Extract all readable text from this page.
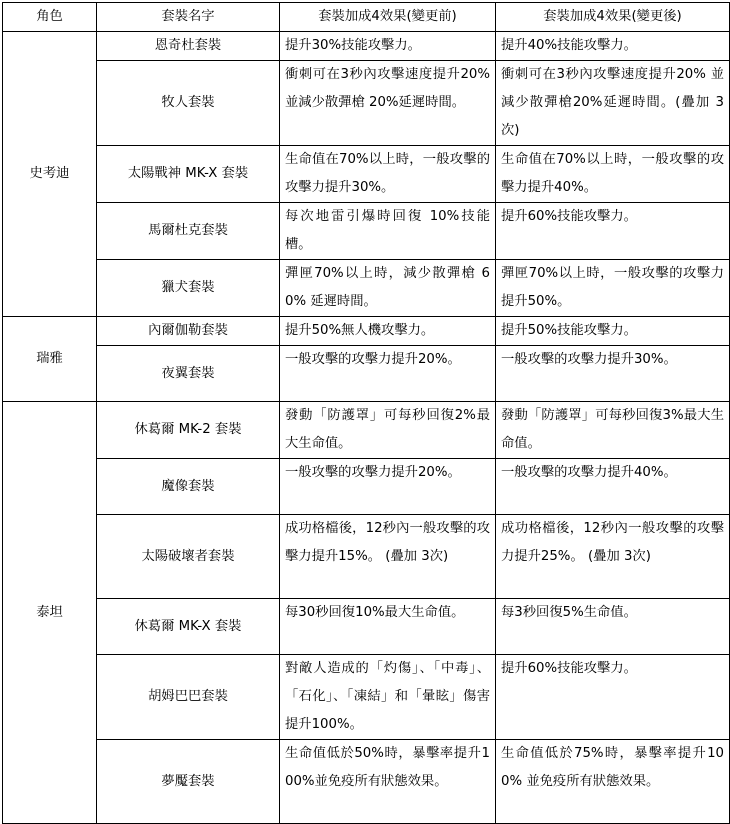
角色	套裝名字	套裝加成4效果(變更前)	套裝加成4效果(變更後)
史考迪	恩奇杜套裝	提升30%技能攻擊力。	提升40%技能攻擊力。
	牧人套裝	衝刺可在3秒內攻擊速度提升20% 並減少散彈槍 20%延遲時間。	衝刺可在3秒內攻擊速度提升20% 並減少散彈槍20%延遲時間。(疊加 3次)
	太陽戰神 MK-X 套裝	生命值在70%以上時，一般攻擊的攻擊力提升30%。	生命值在70%以上時，一般攻擊的攻擊力提升40%。
	馬爾杜克套裝	每次地雷引爆時回復 10%技能槽。	提升60%技能攻擊力。
	獵犬套裝	彈匣70%以上時，減少散彈槍 60% 延遲時間。	彈匣70%以上時，一般攻擊的攻擊力提升50%。
瑞雅	內爾伽勒套裝	提升50%無人機攻擊力。	提升50%技能攻擊力。
	夜翼套裝	一般攻擊的攻擊力提升20%。	一般攻擊的攻擊力提升30%。
泰坦	休葛爾 MK-2 套裝	發動「防護罩」可每秒回復2%最大生命值。	發動「防護罩」可每秒回復3%最大生命值。
	魔像套裝	一般攻擊的攻擊力提升20%。	一般攻擊的攻擊力提升40%。
	太陽破壞者套裝	成功格檔後，12秒內一般攻擊的攻擊力提升15%。 (疊加 3次)	成功格檔後，12秒內一般攻擊的攻擊力提升25%。 (疊加 3次)
	休葛爾 MK-X 套裝	每30秒回復10%最大生命值。	每3秒回復5%生命值。
	胡姆巴巴套裝	對敵人造成的「灼傷」、「中毒」、「石化」、「凍結」和「暈眩」傷害提升100%。	提升60%技能攻擊力。
	夢魘套裝	生命值低於50%時，暴擊率提升100%並免疫所有狀態效果。	生命值低於75%時，暴擊率提升100% 並免疫所有狀態效果。
